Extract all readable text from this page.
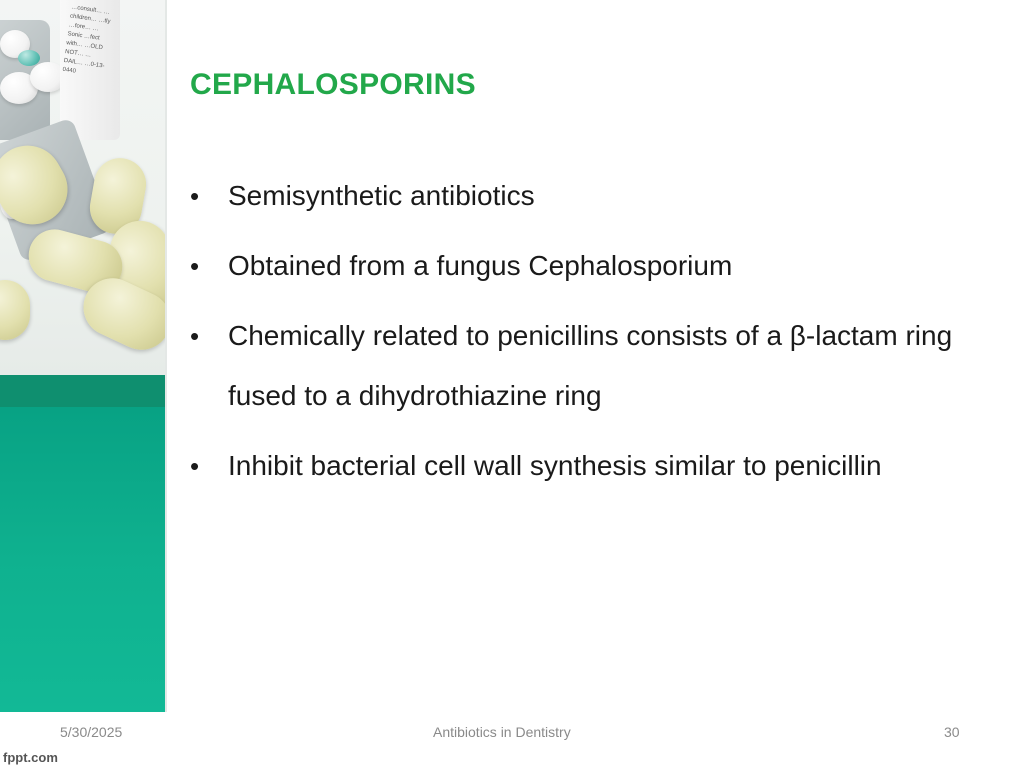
…consult… …children… …tly …fore… …Sonic …fect with… …OLD NOT… …DAIL… …0-13-0440	CEPHALOSPORINS
• Semisynthetic antibiotics
• Obtained from a fungus Cephalosporium
• Chemically related to penicillins consists of a β-lactam ring fused to a dihydrothiazine ring
• Inhibit bacterial cell wall synthesis similar to penicillin
5/30/2025	Antibiotics in Dentistry	30
fppt.com
